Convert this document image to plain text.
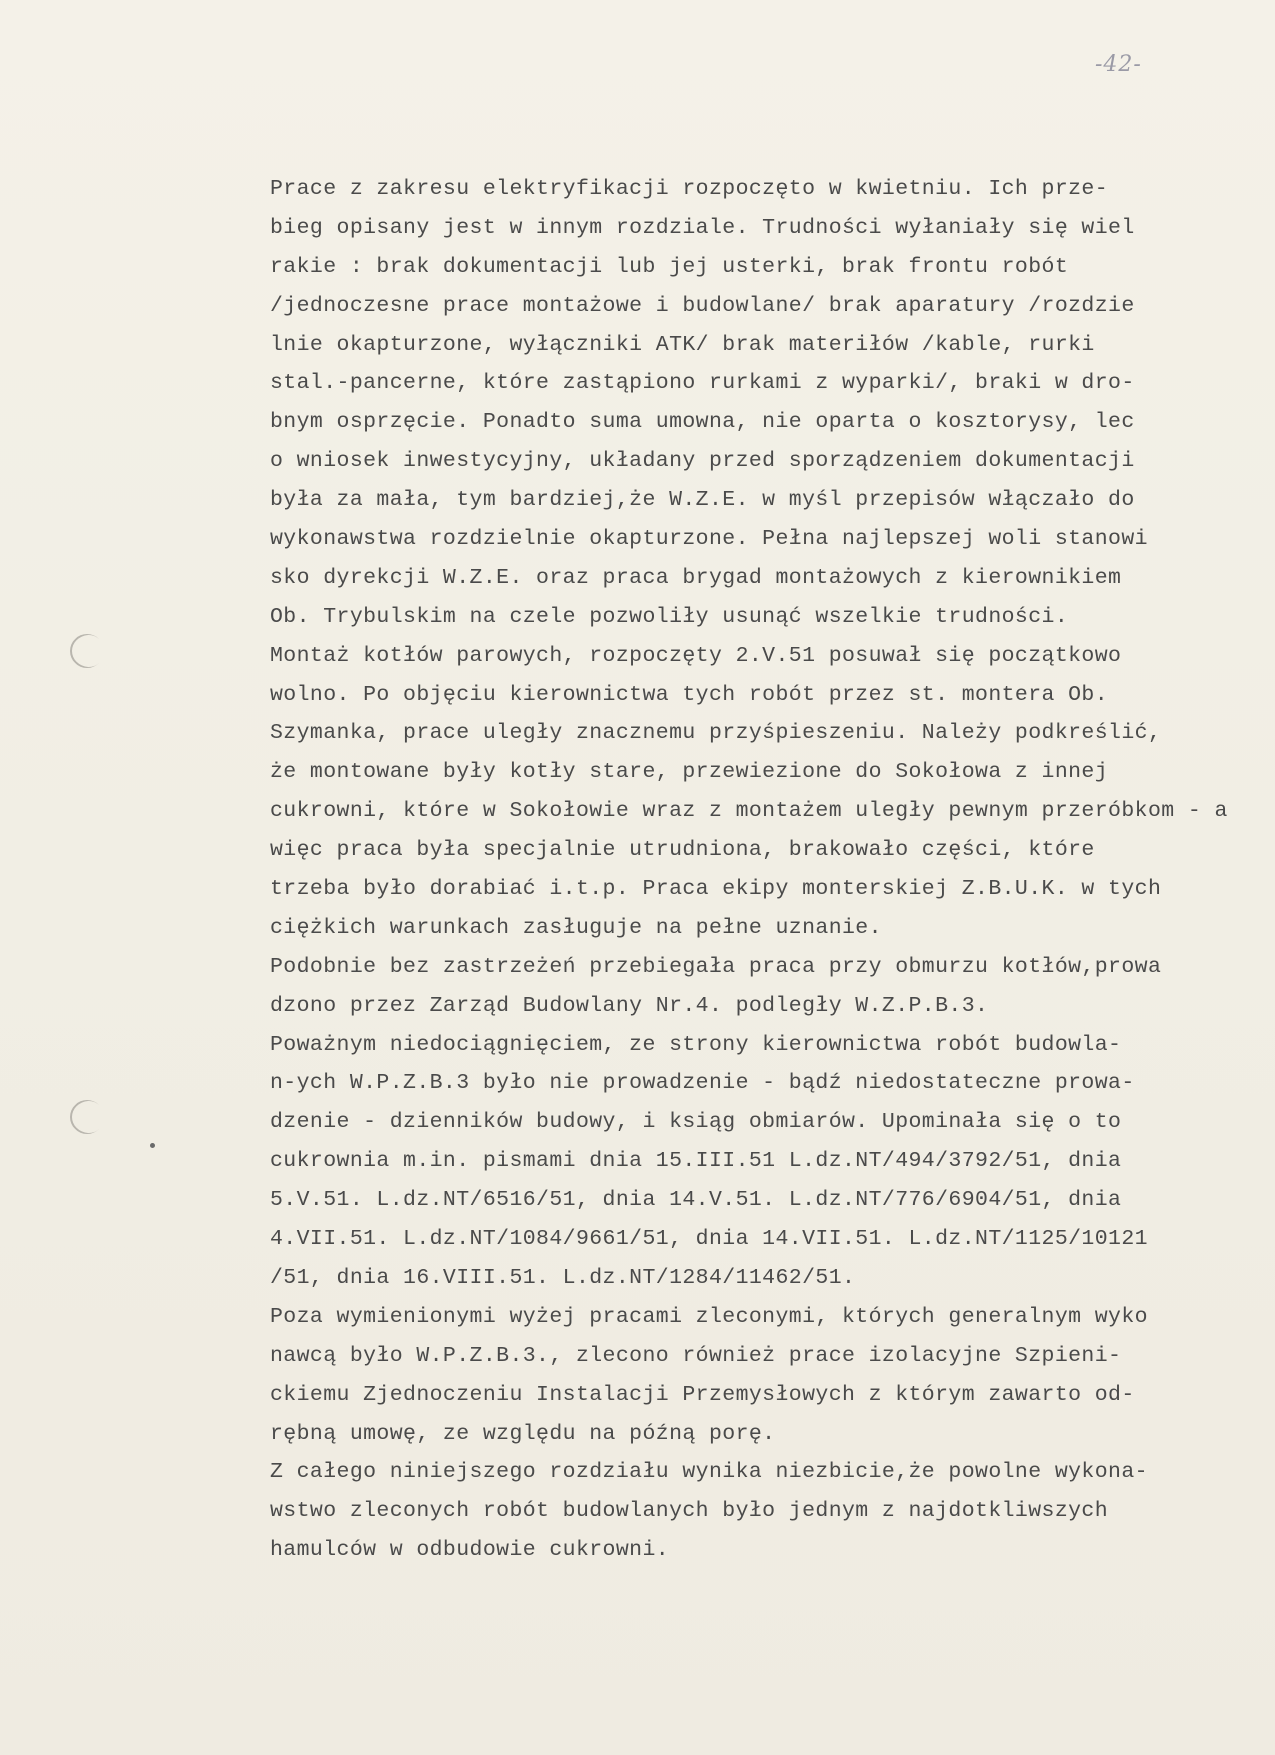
-42-
Prace z zakresu elektryfikacji rozpoczęto w kwietniu. Ich prze-
bieg opisany jest w innym rozdziale. Trudności wyłaniały się wiel
rakie : brak dokumentacji lub jej usterki, brak frontu robót
/jednoczesne prace montażowe i budowlane/ brak aparatury /rozdzie
lnie okapturzone, wyłączniki ATK/ brak materiłów /kable, rurki
stal.-pancerne, które zastąpiono rurkami z wyparki/, braki w dro-
bnym osprzęcie. Ponadto suma umowna, nie oparta o kosztorysy, lec
o wniosek inwestycyjny, układany przed sporządzeniem dokumentacji
była za mała, tym bardziej,że W.Z.E. w myśl przepisów włączało do
wykonawstwa rozdzielnie okapturzone. Pełna najlepszej woli stanowi
sko dyrekcji W.Z.E. oraz praca brygad montażowych z kierownikiem
Ob. Trybulskim na czele pozwoliły usunąć wszelkie trudności.
Montaż kotłów parowych, rozpoczęty 2.V.51 posuwał się początkowo
wolno. Po objęciu kierownictwa tych robót przez st. montera Ob.
Szymanka, prace uległy znacznemu przyśpieszeniu. Należy podkreślić,
że montowane były kotły stare, przewiezione do Sokołowa z innej
cukrowni, które w Sokołowie wraz z montażem uległy pewnym przeróbkom - a
więc praca była specjalnie utrudniona, brakowało części, które
trzeba było dorabiać i.t.p. Praca ekipy monterskiej Z.B.U.K. w tych
ciężkich warunkach zasługuje na pełne uznanie.
Podobnie bez zastrzeżeń przebiegała praca przy obmurzu kotłów,prowa
dzono przez Zarząd Budowlany Nr.4. podległy W.Z.P.B.3.
Poważnym niedociągnięciem, ze strony kierownictwa robót budowla-
n-ych W.P.Z.B.3 było nie prowadzenie - bądź niedostateczne prowa-
dzenie - dzienników budowy, i ksiąg obmiarów. Upominała się o to
cukrownia m.in. pismami dnia 15.III.51 L.dz.NT/494/3792/51, dnia
5.V.51. L.dz.NT/6516/51, dnia 14.V.51. L.dz.NT/776/6904/51, dnia
4.VII.51. L.dz.NT/1084/9661/51, dnia 14.VII.51. L.dz.NT/1125/10121
/51, dnia 16.VIII.51. L.dz.NT/1284/11462/51.
Poza wymienionymi wyżej pracami zleconymi, których generalnym wyko
nawcą było W.P.Z.B.3., zlecono również prace izolacyjne Szpieni-
ckiemu Zjednoczeniu Instalacji Przemysłowych z którym zawarto od-
rębną umowę, ze względu na późną porę.
Z całego niniejszego rozdziału wynika niezbicie,że powolne wykona-
wstwo zleconych robót budowlanych było jednym z najdotkliwszych
hamulców w odbudowie cukrowni.
